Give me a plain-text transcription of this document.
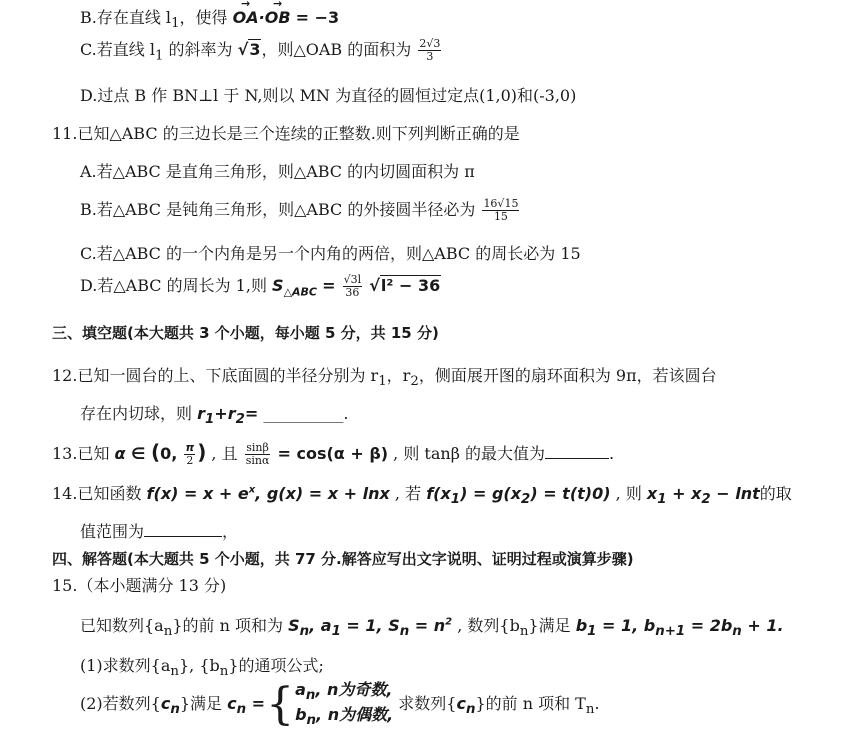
B.存在直线 $l_1$，使得 → OA·→ OB = −3
C.若直线 $l_1$ 的斜率为 √3，则△OAB 的面积为 $\frac{2√3}{3}$
D.过点 B 作 BN⊥l 于 N,则以 MN 为直径的圆恒过定点(1,0)和(-3,0)
11.已知△ABC 的三边长是三个连续的正整数.则下列判断正确的是
A.若△ABC 是直角三角形，则△ABC 的内切圆面积为 π
B.若△ABC 是钝角三角形，则△ABC 的外接圆半径必为 $\frac{16√15}{15}$
C.若△ABC 的一个内角是另一个内角的两倍，则△ABC 的周长必为 15
D.若△ABC 的周长为 1,则 $S_{\triangle ABC} = \frac{√3l}{36} √l^2 - 36$
三、填空题(本大题共 3 个小题，每小题 5 分，共 15 分)
12.已知一圆台的上、下底面圆的半径分别为 $r_1$，$r_2$，侧面展开图的扇环面积为 9π，若该圆台
存在内切球，则 $r_1+r_2=$ __________.
13.已知 α ∈ (0, $\frac{\pi}{2}$ ) , 且 $\frac{\sin\beta}{\sin\alpha} = \cos(\alpha + \beta)$ , 则 tanβ 的最大值为	.
14.已知函数 $f(x) = x + e^x$, g(x) = x + lnx , 若 $f(x_1) = g(x_2) = t(t)0$) , 则 $x_1 + x_2 - \ln t$的取
值范围为	，
四、解答题(本大题共 5 个小题，共 77 分.解答应写出文字说明、证明过程或演算步骤)
15.（本小题满分 13 分)
已知数列$\{a_n\}$的前 n 项和为 $S_n$, $a_1 = 1$, $S_n = n^2$ , 数列$\{b_n\}$满足 $b_1 = 1$, $b_{n+1} = 2b_n + 1$.
(1)求数列$\{a_n\}$, $\{b_n\}$的通项公式;
(2)若数列$\{c_n\}$满足 $c_n$ ={ $a_n$, n为奇数,
$b_n$, n为偶数,
求数列$\{c_n\}$的前 n 项和 $T_n$.
